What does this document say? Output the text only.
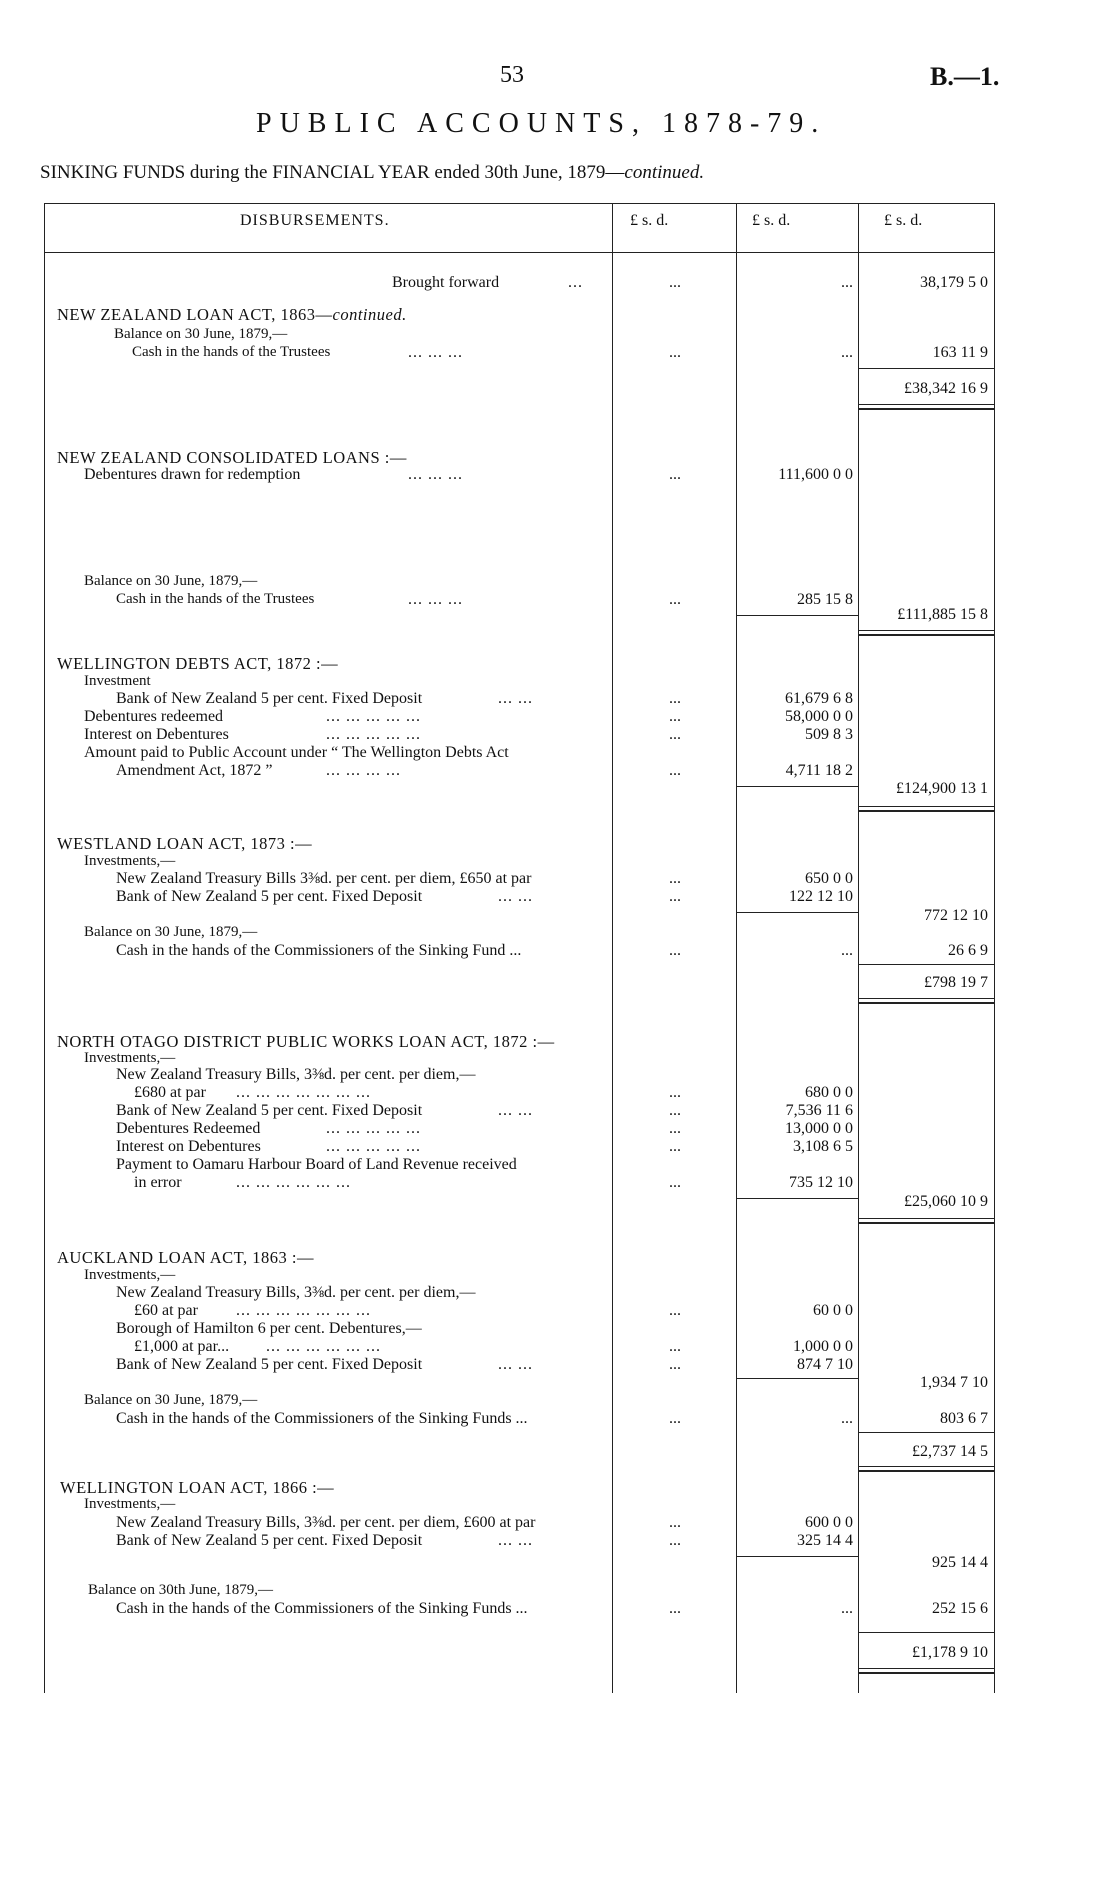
53	B.—1.
PUBLIC ACCOUNTS, 1878-79.
SINKING FUNDS during the FINANCIAL YEAR ended 30th June, 1879—continued.
DISBURSEMENTS.	£ s. d.	£ s. d.	£ s. d.
Brought forward	...	...	...	38,179 5 0
NEW ZEALAND LOAN ACT, 1863—continued.
Balance on 30 June, 1879,—
Cash in the hands of the Trustees	... ... ...	...	...	163 11 9
£38,342 16 9
NEW ZEALAND CONSOLIDATED LOANS :—
Debentures drawn for redemption	... ... ...	...	111,600 0 0
Balance on 30 June, 1879,—
Cash in the hands of the Trustees	... ... ...	...	285 15 8
£111,885 15 8
WELLINGTON DEBTS ACT, 1872 :—
Investment
Bank of New Zealand 5 per cent. Fixed Deposit	... ...	...	61,679 6 8
Debentures redeemed	... ... ... ... ...	...	58,000 0 0
Interest on Debentures	... ... ... ... ...	...	509 8 3
Amount paid to Public Account under “ The Wellington Debts Act
Amendment Act, 1872 ”	... ... ... ...	...	4,711 18 2
£124,900 13 1
WESTLAND LOAN ACT, 1873 :—
Investments,—
New Zealand Treasury Bills 3⅜d. per cent. per diem, £650 at par	...	650 0 0
Bank of New Zealand 5 per cent. Fixed Deposit	... ...	...	122 12 10
772 12 10
Balance on 30 June, 1879,—
Cash in the hands of the Commissioners of the Sinking Fund ...	...	...	26 6 9
£798 19 7
NORTH OTAGO DISTRICT PUBLIC WORKS LOAN ACT, 1872 :—
Investments,—
New Zealand Treasury Bills, 3⅜d. per cent. per diem,—
£680 at par ... ... ... ... ... ... ...	...	680 0 0
Bank of New Zealand 5 per cent. Fixed Deposit	... ...	...	7,536 11 6
Debentures Redeemed	... ... ... ... ...	...	13,000 0 0
Interest on Debentures	... ... ... ... ...	...	3,108 6 5
Payment to Oamaru Harbour Board of Land Revenue received
in error	... ... ... ... ... ...	...	735 12 10
£25,060 10 9
AUCKLAND LOAN ACT, 1863 :—
Investments,—
New Zealand Treasury Bills, 3⅜d. per cent. per diem,—
£60 at par ... ... ... ... ... ... ...	...	60 0 0
Borough of Hamilton 6 per cent. Debentures,—
£1,000 at par... ... ... ... ... ... ...	...	1,000 0 0
Bank of New Zealand 5 per cent. Fixed Deposit	... ...	...	874 7 10
1,934 7 10
Balance on 30 June, 1879,—
Cash in the hands of the Commissioners of the Sinking Funds ...	...	...	803 6 7
£2,737 14 5
WELLINGTON LOAN ACT, 1866 :—
Investments,—
New Zealand Treasury Bills, 3⅜d. per cent. per diem, £600 at par	...	600 0 0
Bank of New Zealand 5 per cent. Fixed Deposit	... ...	...	325 14 4
925 14 4
Balance on 30th June, 1879,—
Cash in the hands of the Commissioners of the Sinking Funds ...	...	...	252 15 6
£1,178 9 10
